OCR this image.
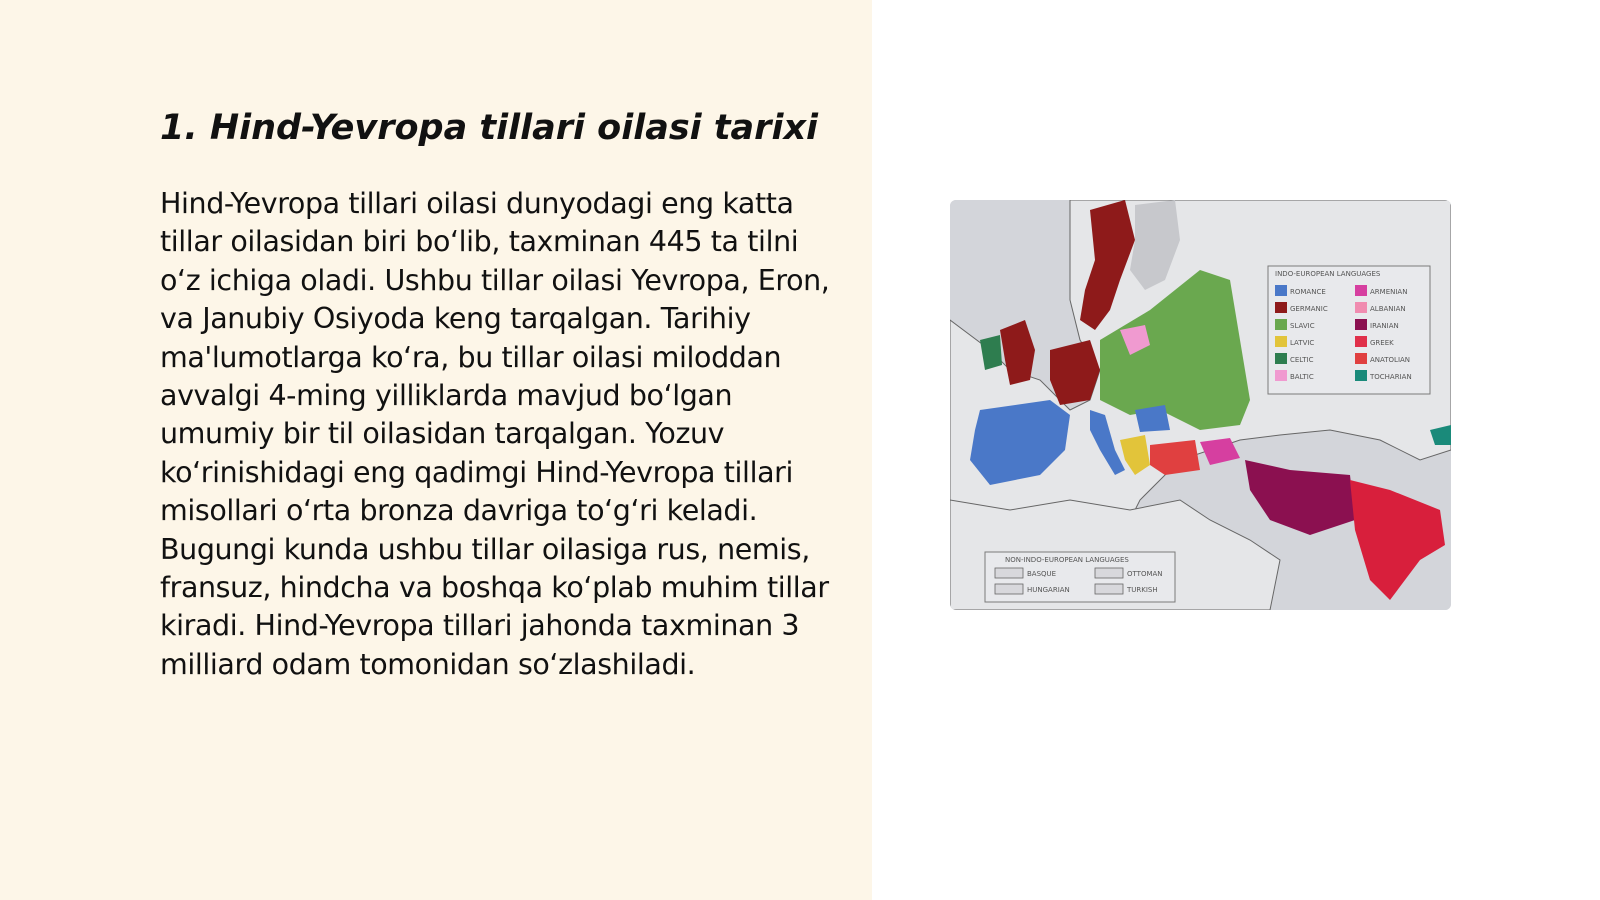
1. Hind-Yevropa tillari oilasi tarixi

Hind-Yevropa tillari oilasi dunyodagi eng katta tillar oilasidan biri bo‘lib, taxminan 445 ta tilni o‘z ichiga oladi. Ushbu tillar oilasi Yevropa, Eron, va Janubiy Osiyoda keng tarqalgan. Tarihiy ma'lumotlarga ko‘ra, bu tillar oilasi miloddan avvalgi 4-ming yilliklarda mavjud bo‘lgan umumiy bir til oilasidan tarqalgan. Yozuv ko‘rinishidagi eng qadimgi Hind-Yevropa tillari misollari o‘rta bronza davriga to‘g‘ri keladi. Bugungi kunda ushbu tillar oilasiga rus, nemis, fransuz, hindcha va boshqa ko‘plab muhim tillar kiradi. Hind-Yevropa tillari jahonda taxminan 3 milliard odam tomonidan so‘zlashiladi.

INDO-EUROPEAN LANGUAGES
ROMANCE
GERMANIC
SLAVIC
LATVIC
CELTIC
BALTIC
ARMENIAN
ALBANIAN
IRANIAN
GREEK
ANATOLIAN
TOCHARIAN
NON-INDO-EUROPEAN LANGUAGES
BASQUE	OTTOMAN
HUNGARIAN	TURKISH
